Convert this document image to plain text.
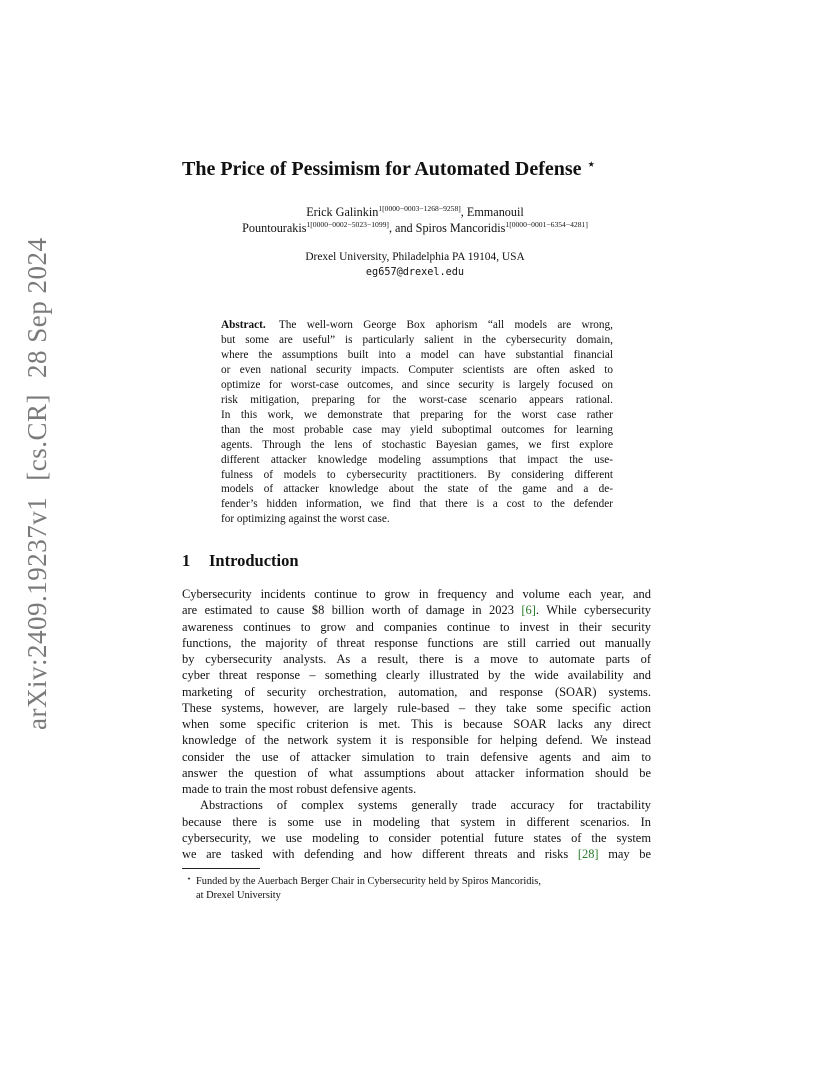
arXiv:2409.19237v1[cs.CR]28 Sep 2024
The Price of Pessimism for Automated Defense ⋆
Erick Galinkin$^{1[0000-0003-1268-9258]}$, Emmanouil
Pountourakis$^{1[0000-0002-5023-1099]}$, and Spiros Mancoridis$^{1[0000-0001-6354-4281]}$
Drexel University, Philadelphia PA 19104, USA
eg657@drexel.edu
Abstract. The well-worn George Box aphorism “all models are wrong,
but some are useful” is particularly salient in the cybersecurity domain,
where the assumptions built into a model can have substantial financial
or even national security impacts. Computer scientists are often asked to
optimize for worst-case outcomes, and since security is largely focused on
risk mitigation, preparing for the worst-case scenario appears rational.
In this work, we demonstrate that preparing for the worst case rather
than the most probable case may yield suboptimal outcomes for learning
agents. Through the lens of stochastic Bayesian games, we first explore
different attacker knowledge modeling assumptions that impact the use-
fulness of models to cybersecurity practitioners. By considering different
models of attacker knowledge about the state of the game and a de-
fender’s hidden information, we find that there is a cost to the defender
for optimizing against the worst case.
1 Introduction
Cybersecurity incidents continue to grow in frequency and volume each year, and
are estimated to cause $8 billion worth of damage in 2023 [6]. While cybersecurity
awareness continues to grow and companies continue to invest in their security
functions, the majority of threat response functions are still carried out manually
by cybersecurity analysts. As a result, there is a move to automate parts of
cyber threat response – something clearly illustrated by the wide availability and
marketing of security orchestration, automation, and response (SOAR) systems.
These systems, however, are largely rule-based – they take some specific action
when some specific criterion is met. This is because SOAR lacks any direct
knowledge of the network system it is responsible for helping defend. We instead
consider the use of attacker simulation to train defensive agents and aim to
answer the question of what assumptions about attacker information should be
made to train the most robust defensive agents.
Abstractions of complex systems generally trade accuracy for tractability
because there is some use in modeling that system in different scenarios. In
cybersecurity, we use modeling to consider potential future states of the system
we are tasked with defending and how different threats and risks [28] may be
⋆ Funded by the Auerbach Berger Chair in Cybersecurity held by Spiros Mancoridis,
at Drexel University
